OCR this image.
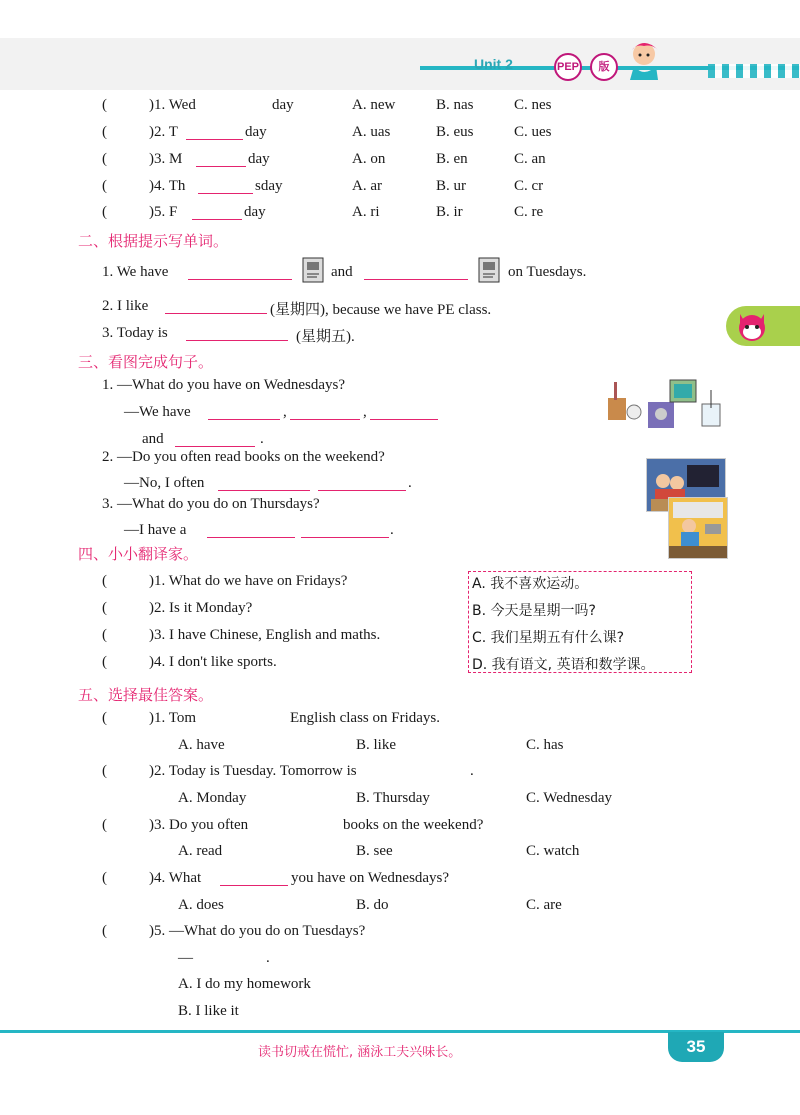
Unit 2	PEP	版
(	)1. Wed	day	A. new	B. nas	C. nes
(	)2. T	day	A. uas	B. eus	C. ues
(	)3. M	day	A. on	B. en	C. an
(	)4. Th	sday	A. ar	B. ur	C. cr
(	)5. F	day	A. ri	B. ir	C. re
二、根据提示写单词。
1. We have	and	on Tuesdays.
2. I like	(星期四), because we have PE class.
3. Today is	(星期五).
三、看图完成句子。
1. —What do you have on Wednesdays?
—We have	,	,
and	.
2. —Do you often read books on the weekend?
—No, I often	.
3. —What do you do on Thursdays?
—I have a	.
四、小小翻译家。
(	)1. What do we have on Fridays?	A. 我不喜欢运动。
(	)2. Is it Monday?	B. 今天是星期一吗?
(	)3. I have Chinese, English and maths.	C. 我们星期五有什么课?
(	)4. I don't like sports.	D. 我有语文, 英语和数学课。
五、选择最佳答案。
(	)1. Tom	English class on Fridays.
A. have	B. like	C. has
(	)2. Today is Tuesday. Tomorrow is	.
A. Monday	B. Thursday	C. Wednesday
(	)3. Do you often	books on the weekend?
A. read	B. see	C. watch
(	)4. What	you have on Wednesdays?
A. does	B. do	C. are
(	)5. —What do you do on Tuesdays?
—	.
A. I do my homework
B. I like it
读书切戒在慌忙, 涵泳工夫兴味长。	35
